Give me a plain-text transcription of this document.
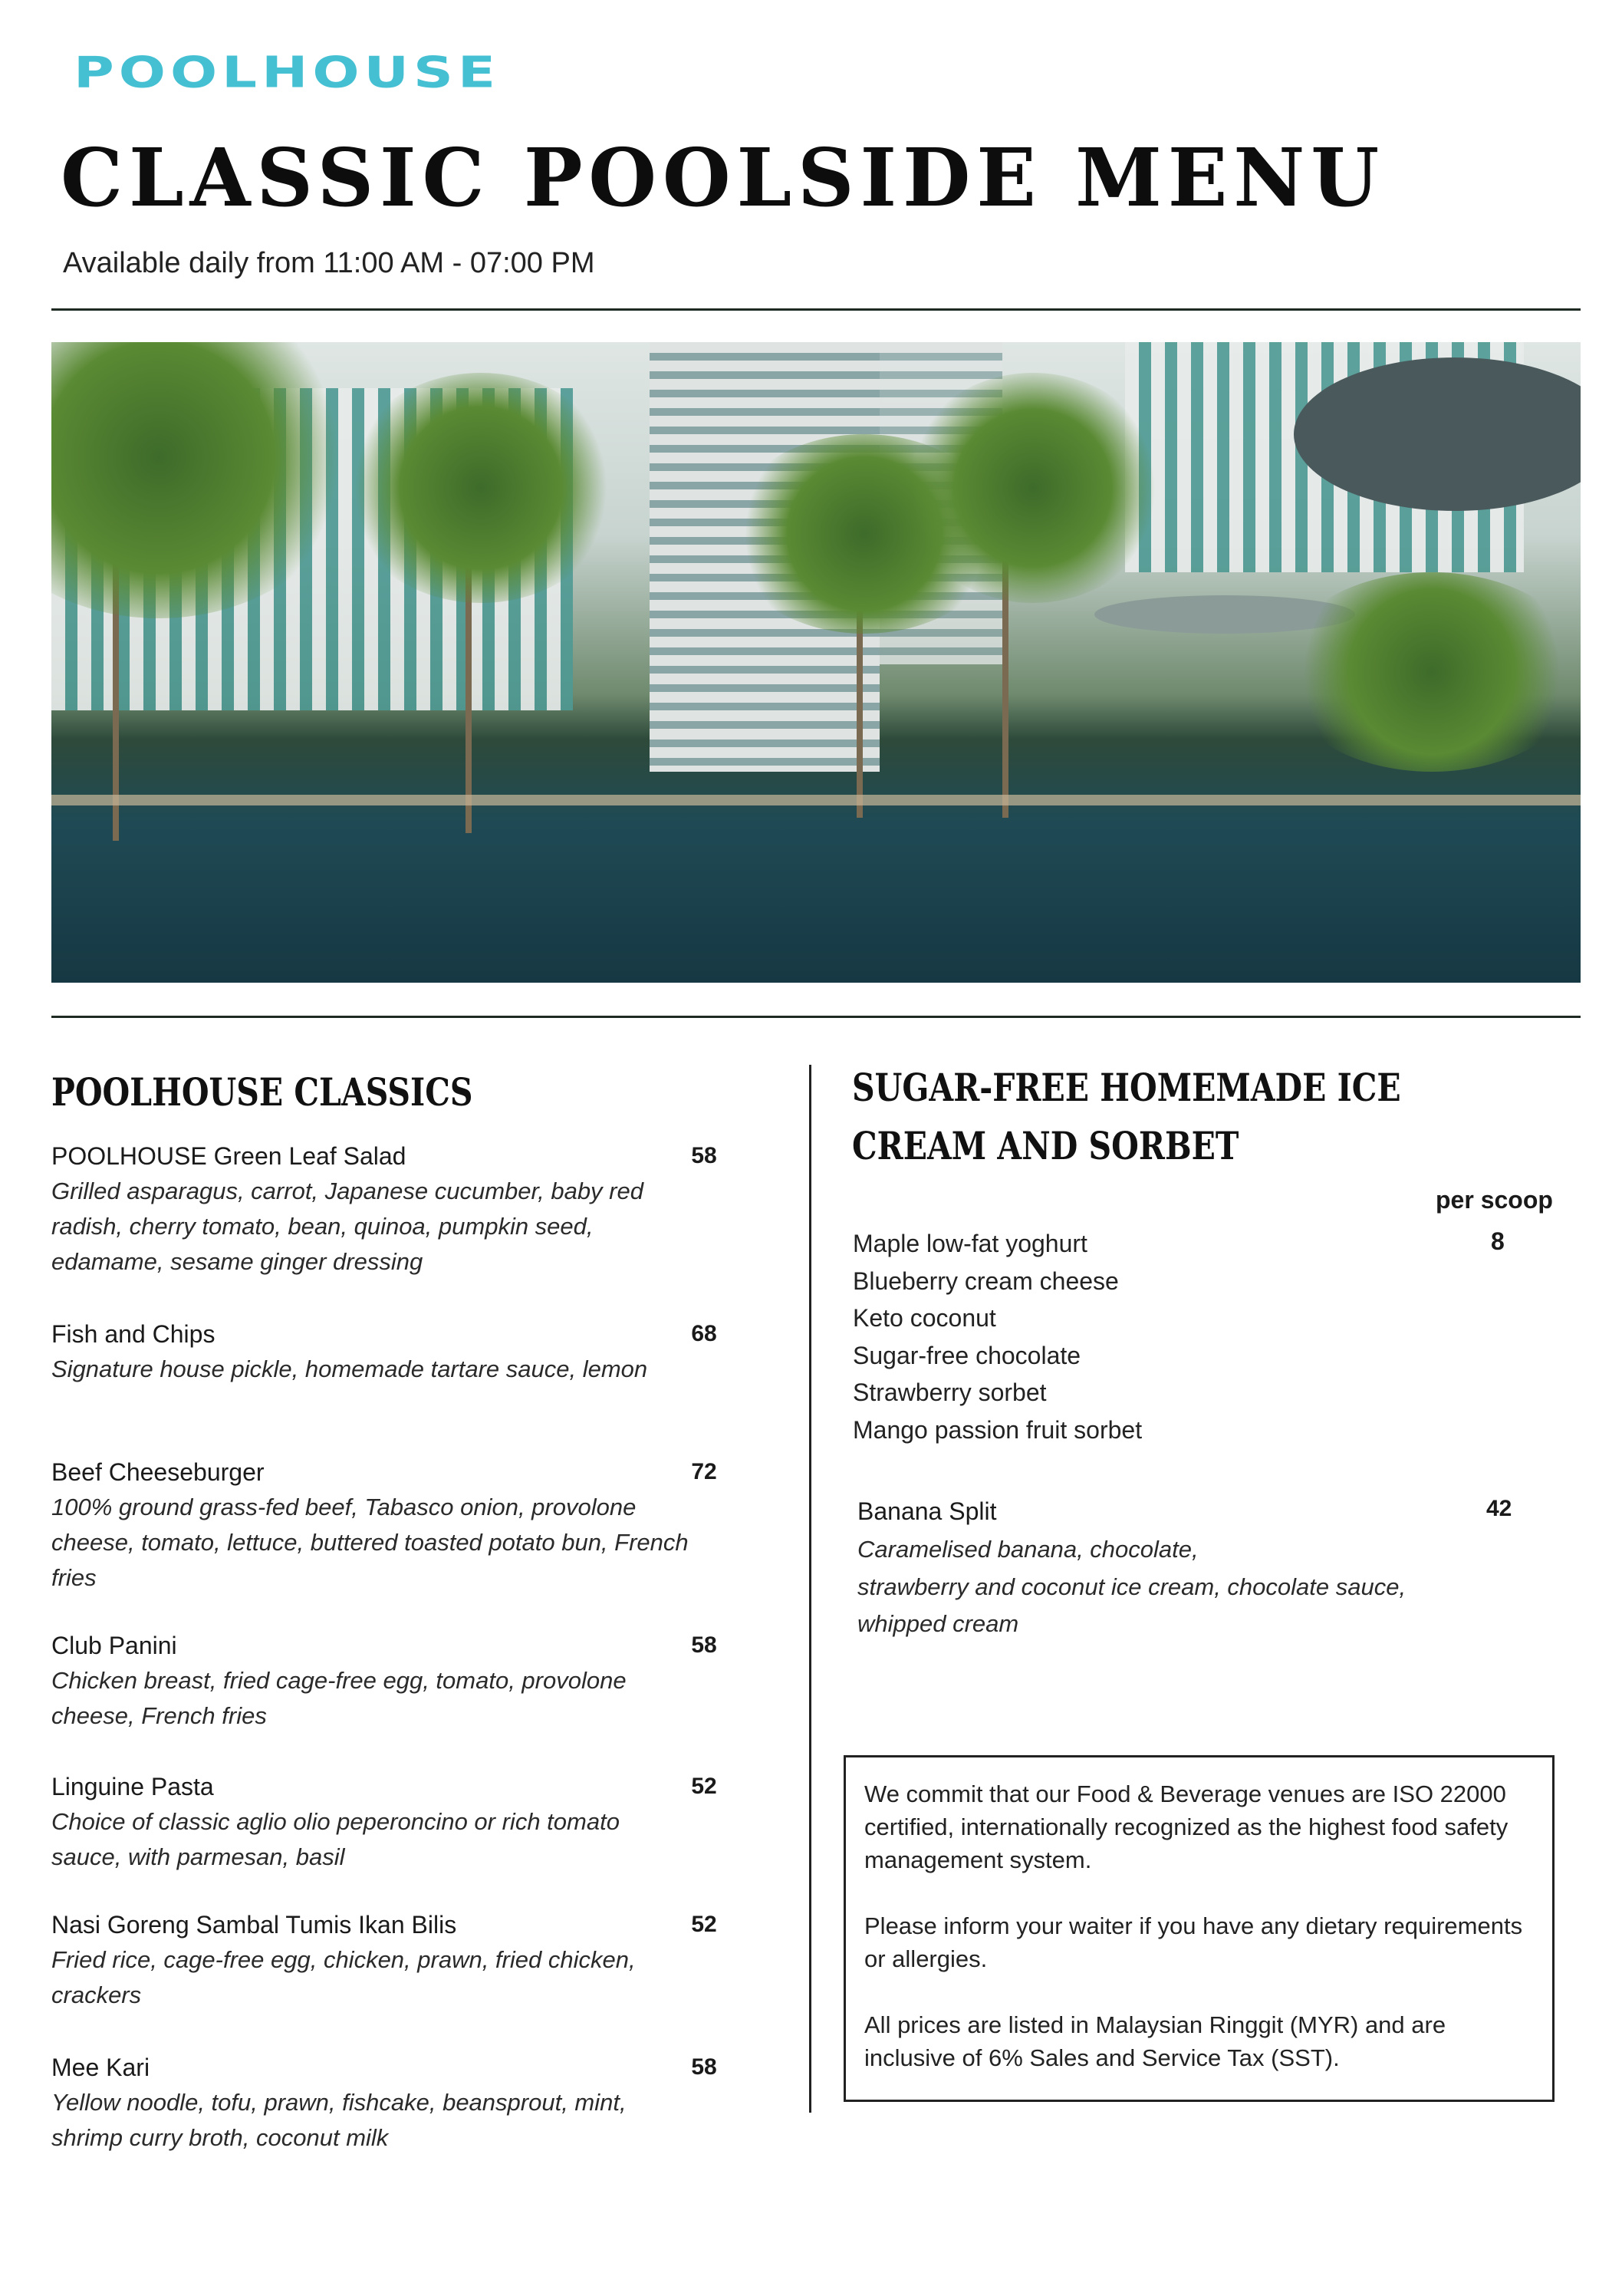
POOLHOUSE
CLASSIC POOLSIDE MENU
Available daily from 11:00 AM - 07:00 PM
POOLHOUSE CLASSICS
POOLHOUSE Green Leaf Salad
Grilled asparagus, carrot, Japanese cucumber, baby red radish, cherry tomato, bean, quinoa, pumpkin seed, edamame, sesame ginger dressing
58
Fish and Chips
Signature house pickle, homemade tartare sauce, lemon
68
Beef Cheeseburger
100% ground grass-fed beef, Tabasco onion, provolone cheese, tomato, lettuce, buttered toasted potato bun, French fries
72
Club Panini
Chicken breast, fried cage-free egg, tomato, provolone cheese, French fries
58
Linguine Pasta
Choice of classic aglio olio peperoncino or rich tomato sauce, with parmesan, basil
52
Nasi Goreng Sambal Tumis Ikan Bilis
Fried rice, cage-free egg, chicken, prawn, fried chicken, crackers
52
Mee Kari
Yellow noodle, tofu, prawn, fishcake, beansprout, mint, shrimp curry broth, coconut milk
58
SUGAR-FREE HOMEMADE ICE
CREAM AND SORBET
per scoop
8
Maple low-fat yoghurt
Blueberry cream cheese
Keto coconut
Sugar-free chocolate
Strawberry sorbet
Mango passion fruit sorbet
Banana Split	42
Caramelised banana, chocolate,
strawberry and coconut ice cream, chocolate sauce,
whipped cream

We commit that our Food & Beverage venues are ISO 22000 certified, internationally recognized as the highest food safety management system.

Please inform your waiter if you have any dietary requirements or allergies.

All prices are listed in Malaysian Ringgit (MYR) and are inclusive of 6% Sales and Service Tax (SST).
